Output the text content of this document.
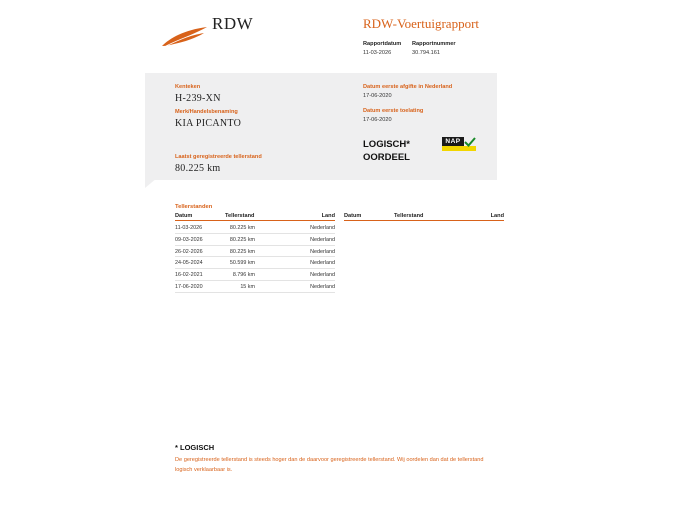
RDW	RDW-Voertuigrapport
Rapportdatum
11-03-2026
Rapportnummer
30.794.161
Kenteken
H-239-XN
Merk/Handelsbenaming
KIA PICANTO
Laatst geregistreerde tellerstand
80.225 km
Datum eerste afgifte in Nederland
17-06-2020
Datum eerste toelating
17-06-2020
LOGISCH*
OORDEEL
NAP
Tellerstanden
Datum	Tellerstand	Land Datum	Tellerstand	Land
11-03-2026	80.225 km	Nederland
09-03-2026	80.225 km	Nederland
26-02-2026	80.225 km	Nederland
24-05-2024	50.599 km	Nederland
16-02-2021	8.796 km	Nederland
17-06-2020	15 km	Nederland
* LOGISCH
De geregistreerde tellerstand is steeds hoger dan de daarvoor geregistreerde tellerstand. Wij oordelen dan dat de tellerstand logisch verklaarbaar is.
